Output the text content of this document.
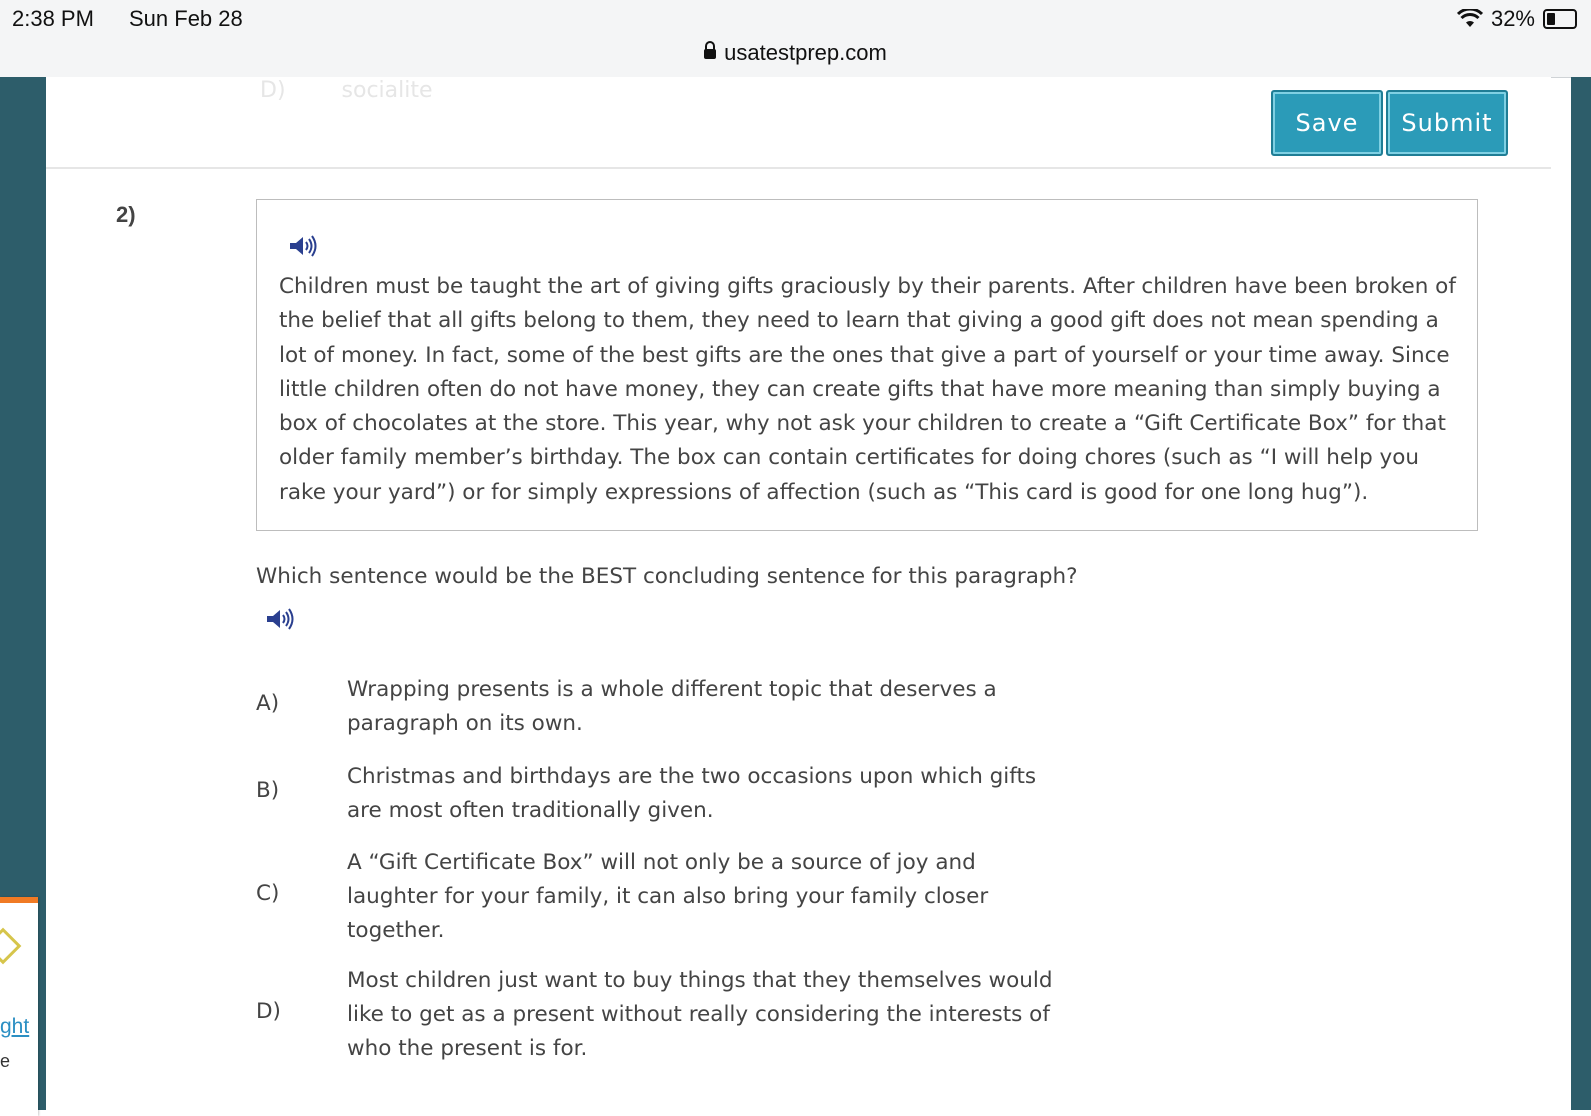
2:38 PM Sun Feb 28	32%
usatestprep.com
ght
e
D)	socialite
Save	Submit
2)
Children must be taught the art of giving gifts graciously by their parents. After children have been broken of the belief that all gifts belong to them, they need to learn that giving a good gift does not mean spending a lot of money. In fact, some of the best gifts are the ones that give a part of yourself or your time away. Since little children often do not have money, they can create gifts that have more meaning than simply buying a box of chocolates at the store. This year, why not ask your children to create a “Gift Certificate Box” for that older family member’s birthday. The box can contain certificates for doing chores (such as “I will help you rake your yard”) or for simply expressions of affection (such as “This card is good for one long hug”).
Which sentence would be the BEST concluding sentence for this paragraph?
A)
Wrapping presents is a whole different topic that deserves a paragraph on its own.
B)
Christmas and birthdays are the two occasions upon which gifts are most often traditionally given.
C)
A “Gift Certificate Box” will not only be a source of joy and laughter for your family, it can also bring your family closer together.
D)
Most children just want to buy things that they themselves would like to get as a present without really considering the interests of who the present is for.
